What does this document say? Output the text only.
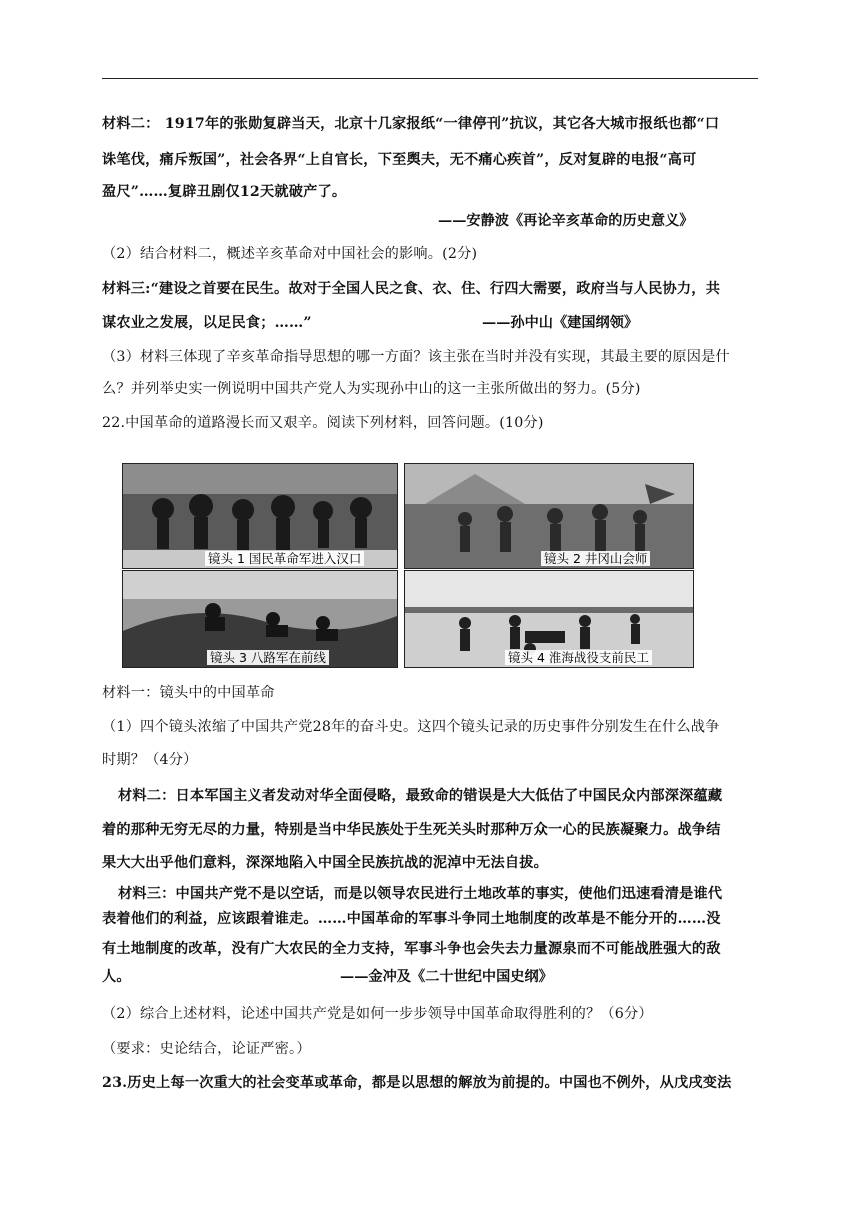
材料二： 1917年的张勋复辟当天，北京十几家报纸“一律停刊”抗议，其它各大城市报纸也都“口
诛笔伐，痛斥叛国”，社会各界“上自官长，下至舆夫，无不痛心疾首”，反对复辟的电报“高可
盈尺”……复辟丑剧仅12天就破产了。
——安静波《再论辛亥革命的历史意义》
（2）结合材料二，概述辛亥革命对中国社会的影响。(2分)
材料三:“建设之首要在民生。故对于全国人民之食、衣、住、行四大需要，政府当与人民协力，共
谋农业之发展，以足民食；……”	——孙中山《建国纲领》
（3）材料三体现了辛亥革命指导思想的哪一方面？该主张在当时并没有实现，其最主要的原因是什
么？并列举史实一例说明中国共产党人为实现孙中山的这一主张所做出的努力。(5分)
22.中国革命的道路漫长而又艰辛。阅读下列材料，回答问题。(10分)
镜头 1 国民革命军进入汉口	镜头 2 井冈山会师
镜头 3 八路军在前线	镜头 4 淮海战役支前民工
材料一：镜头中的中国革命
（1）四个镜头浓缩了中国共产党28年的奋斗史。这四个镜头记录的历史事件分别发生在什么战争
时期？（4分）
材料二：日本军国主义者发动对华全面侵略，最致命的错误是大大低估了中国民众内部深深蕴藏
着的那种无穷无尽的力量，特别是当中华民族处于生死关头时那种万众一心的民族凝聚力。战争结
果大大出乎他们意料，深深地陷入中国全民族抗战的泥淖中无法自拔。
材料三：中国共产党不是以空话，而是以领导农民进行土地改革的事实，使他们迅速看清是谁代
表着他们的利益，应该跟着谁走。……中国革命的军事斗争同土地制度的改革是不能分开的……没
有土地制度的改革，没有广大农民的全力支持，军事斗争也会失去力量源泉而不可能战胜强大的敌
人。	——金冲及《二十世纪中国史纲》
（2）综合上述材料，论述中国共产党是如何一步步领导中国革命取得胜利的？（6分）
（要求：史论结合，论证严密。）
23.历史上每一次重大的社会变革或革命，都是以思想的解放为前提的。中国也不例外，从戊戌变法
